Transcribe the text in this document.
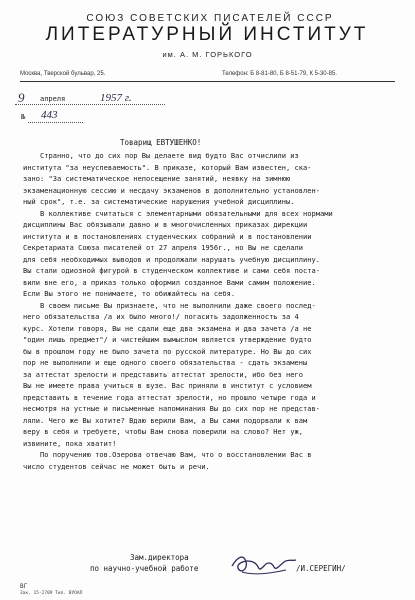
СОЮЗ СОВЕТСКИХ ПИСАТЕЛЕЙ СССР
ЛИТЕРАТУРНЫЙ ИНСТИТУТ
им. А. М. ГОРЬКОГО
Москва, Тверской бульвар, 25.	Телефон: Б 8-81-80, Б 8-51-79, К 5-30-85.
9 апреля	1957 г.
№ 443
Товарищ ЕВТУШЕНКО!
Странно, что до сих пор Вы делаете вид будто Вас отчислили из
института "за неуспеваемость". В приказе, который Вам известен, ска-
зано: "За систематическое непосещение занятий, неявку на зимнюю
экзаменационную сессию и несдачу экзаменов в дополнительно установлен-
ный срок", т.е. за систематические нарушения учебной дисциплины.
В коллективе считаться с элементарными обязательными для всех нормами
дисциплины Вас обязывали давно и в многочисленных приказах дирекции
института и в постановлениях студенческих собраний и в постановлении
Секретариата Союза писателей от 27 апреля 1956г., но Вы не сделали
для себя необходимых выводов и продолжали нарушать учебную дисциплину.
Вы стали одиозной фигурой в студенческом коллективе и сами себя поста-
вили вне его, а приказ только оформил созданное Вами самим положение.
Если Вы этого не понимаете, то обижайтесь на себя.
В своем письме Вы признаете, что не выполнили даже своего послед-
него обязательства /а их было много!/ погасить задолженность за 4
курс. Хотели говоря, Вы не сдали еще два экзамена и два зачета /а не
"один лишь предмет"/ и чистейшим вымыслом является утверждение будто
бы в прошлом году не было зачета по русской литературе. Но Вы до сих
пор не выполнили и еще одного своего обязательства - сдать экзамены
за аттестат зрелости и представить аттестат зрелости, ибо без него
Вы не имеете права учиться в вузе. Вас приняли в институт с условием
представить в течение года аттестат зрелости, но прошло четыре года и
несмотря на устные и письменные напоминания Вы до сих пор не представ-
ляли. Чего же Вы хотите? Вдаю верили Вам, а Вы сами подорвали к вам
веру в себя и требуете, чтобы Вам снова поверили на слово? Нет уж,
извините, пока хватит!
По поручению тов.Озерова отвечаю Вам, что о восстановлении Вас в
число студентов сейчас не может быть и речи.
Зам.директора
по научно-учебной работе	/И.СЕРЕГИН/
ВГ
Зак. 15-2709 Тип. ВУОАП
